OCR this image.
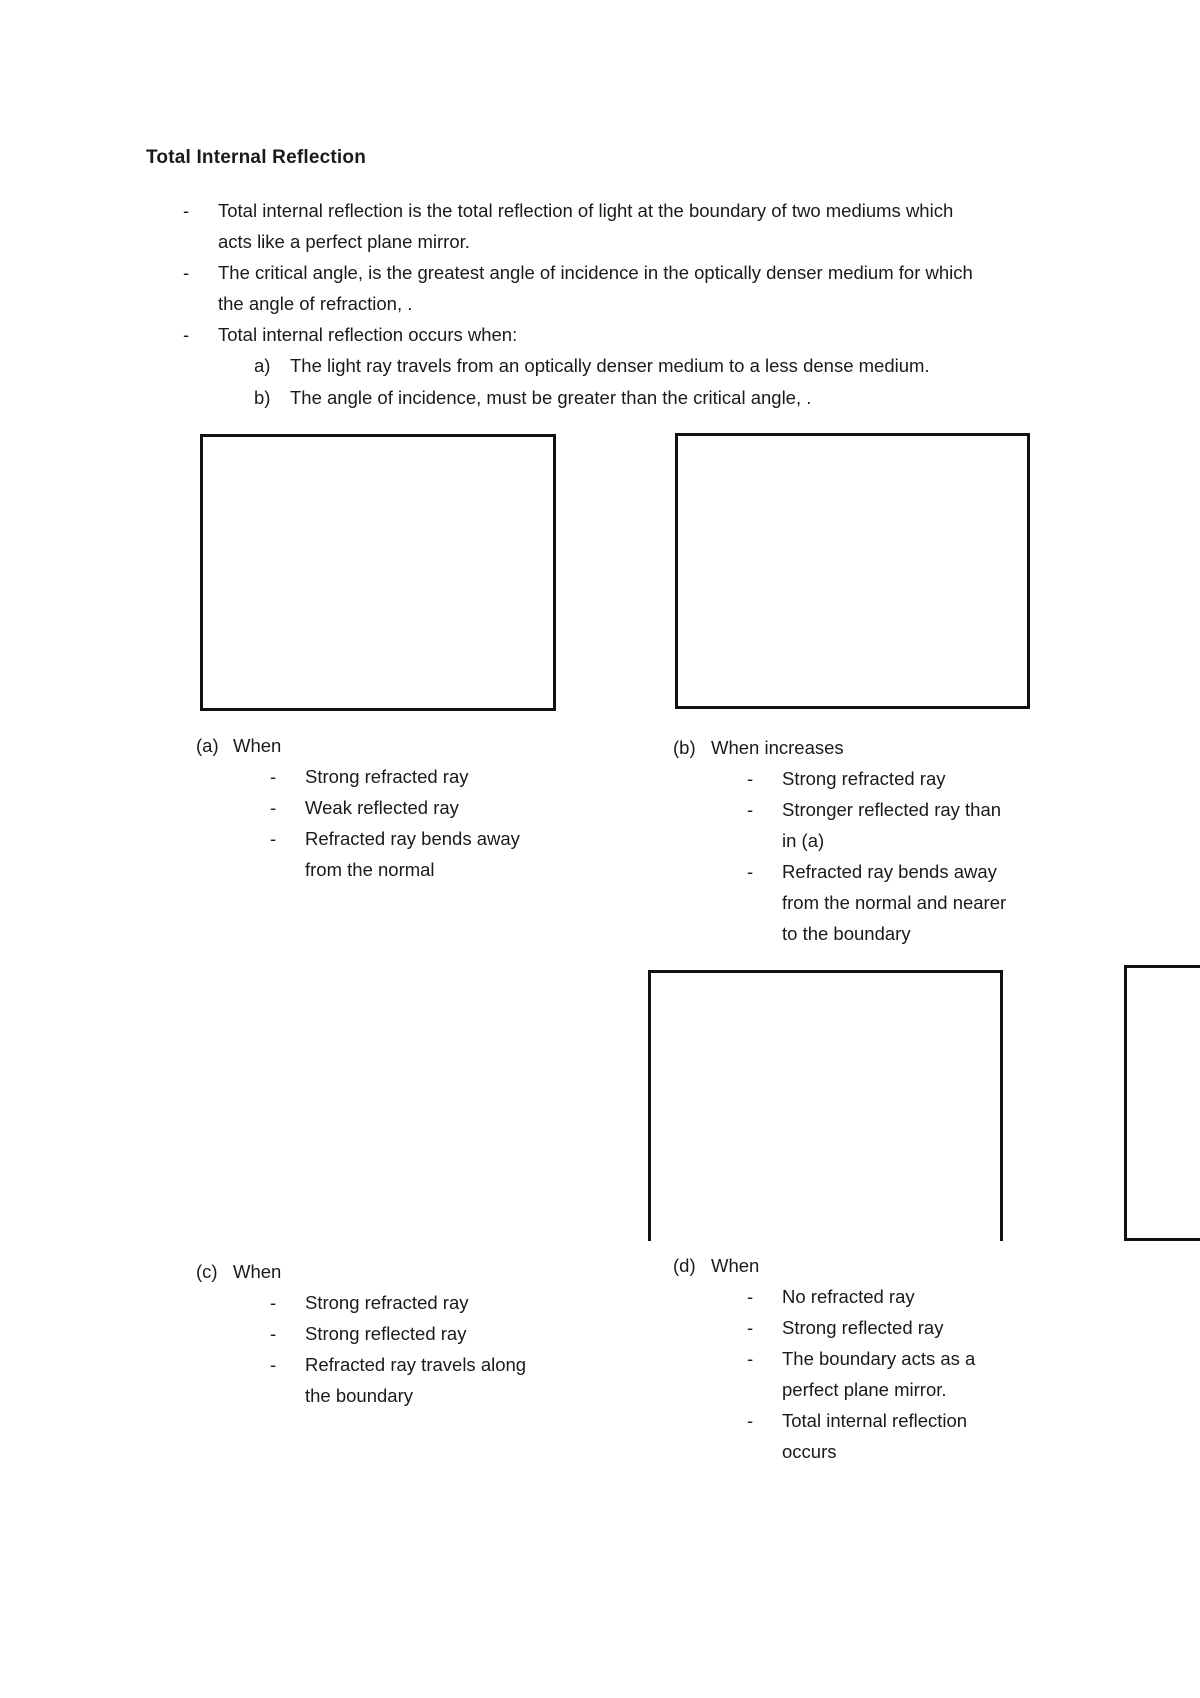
Total Internal Reflection
- Total internal reflection is the total reflection of light at the boundary of two mediums which
acts like a perfect plane mirror.
- The critical angle, is the greatest angle of incidence in the optically denser medium for which
the angle of refraction, .
- Total internal reflection occurs when:
a) The light ray travels from an optically denser medium to a less dense medium.
b) The angle of incidence, must be greater than the critical angle, .
(a) When
- Strong refracted ray
- Weak reflected ray
- Refracted ray bends away
from the normal
(b) When increases
- Strong refracted ray
- Stronger reflected ray than
in (a)
- Refracted ray bends away
from the normal and nearer
to the boundary
(c) When
- Strong refracted ray
- Strong reflected ray
- Refracted ray travels along
the boundary
(d) When
- No refracted ray
- Strong reflected ray
- The boundary acts as a
perfect plane mirror.
- Total internal reflection
occurs
